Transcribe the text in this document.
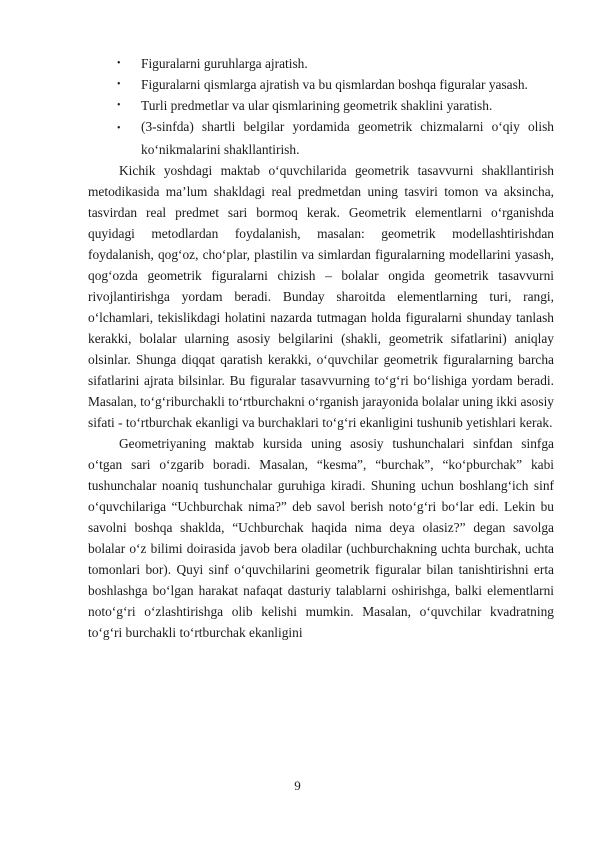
• Figuralarni guruhlarga ajratish.
• Figuralarni qismlarga ajratish va bu qismlardan boshqa figuralar yasash.
• Turli predmetlar va ular qismlarining geometrik shaklini yaratish.
• (3-sinfda) shartli belgilar yordamida geometrik chizmalarni o‘qiy olish ko‘nikmalarini shakllantirish.

Kichik yoshdagi maktab o‘quvchilarida geometrik tasavvurni shakllantirish metodikasida ma’lum shakldagi real predmetdan uning tasviri tomon va aksincha, tasvirdan real predmet sari bormoq kerak. Geometrik elementlarni o‘rganishda quyidagi metodlardan foydalanish, masalan: geometrik modellashtirishdan foydalanish, qog‘oz, cho‘plar, plastilin va simlardan figuralarning modellarini yasash, qog‘ozda geometrik figuralarni chizish – bolalar ongida geometrik tasavvurni rivojlantirishga yordam beradi. Bunday sharoitda elementlarning turi, rangi, o‘lchamlari, tekislikdagi holatini nazarda tutmagan holda figuralarni shunday tanlash kerakki, bolalar ularning asosiy belgilarini (shakli, geometrik sifatlarini) aniqlay olsinlar. Shunga diqqat qaratish kerakki, o‘quvchilar geometrik figuralarning barcha sifatlarini ajrata bilsinlar. Bu figuralar tasavvurning to‘g‘ri bo‘lishiga yordam beradi. Masalan, to‘g‘riburchakli to‘rtburchakni o‘rganish jarayonida bolalar uning ikki asosiy sifati - to‘rtburchak ekanligi va burchaklari to‘g‘ri ekanligini tushunib yetishlari kerak.

Geometriyaning maktab kursida uning asosiy tushunchalari sinfdan sinfga o‘tgan sari o‘zgarib boradi. Masalan, “kesma”, “burchak”, “ko‘pburchak” kabi tushunchalar noaniq tushunchalar guruhiga kiradi. Shuning uchun boshlang‘ich sinf o‘quvchilariga “Uchburchak nima?” deb savol berish noto‘g‘ri bo‘lar edi. Lekin bu savolni boshqa shaklda, “Uchburchak haqida nima deya olasiz?” degan savolga bolalar o‘z bilimi doirasida javob bera oladilar (uchburchakning uchta burchak, uchta tomonlari bor). Quyi sinf o‘quvchilarini geometrik figuralar bilan tanishtirishni erta boshlashga bo‘lgan harakat nafaqat dasturiy talablarni oshirishga, balki elementlarni noto‘g‘ri o‘zlashtirishga olib kelishi mumkin. Masalan, o‘quvchilar kvadratning to‘g‘ri burchakli to‘rtburchak ekanligini

9
